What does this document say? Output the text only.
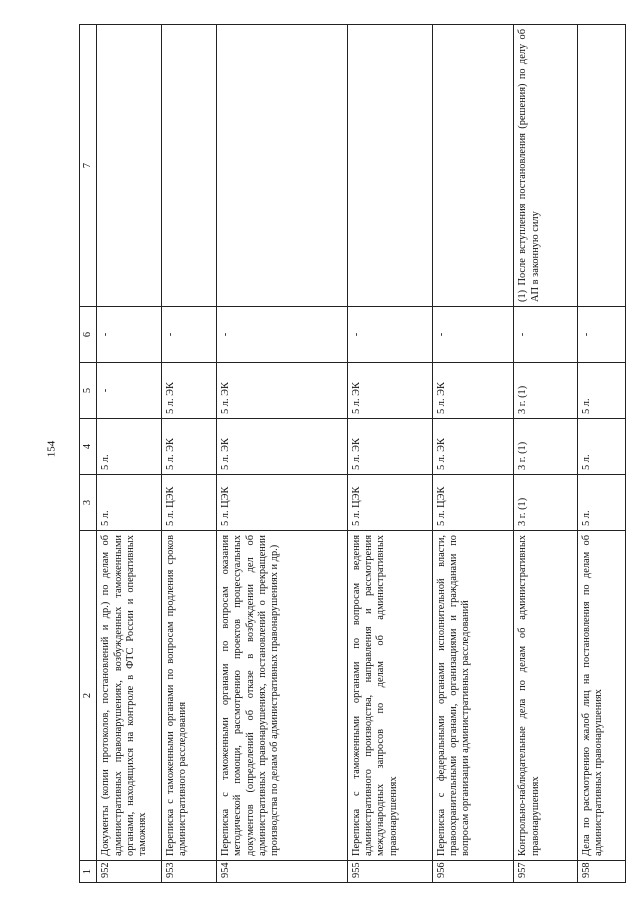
154
1	2	3	4	5	6	7
952	Документы (копии протоколов, постановлений и др.) по делам об административных правонарушениях, возбужденных таможенными органами, находящихся на контроле в ФТС России и оперативных таможнях	5 л.	5 л.	-	-	
953	Переписка с таможенными органами по вопросам продления сроков административного расследования	5 л. ЦЭК	5 л. ЭК	5 л. ЭК	-	
954	Переписка с таможенными органами по вопросам оказания методической помощи, рассмотрению проектов процессуальных документов (определений об отказе в возбуждении дел об административных правонарушениях, постановлений о прекращении производства по делам об административных правонарушениях и др.)	5 л. ЦЭК	5 л. ЭК	5 л. ЭК	-	
955	Переписка с таможенными органами по вопросам ведения административного производства, направления и рассмотрения международных запросов по делам об административных правонарушениях	5 л. ЦЭК	5 л. ЭК	5 л. ЭК	-	
956	Переписка с федеральными органами исполнительной власти, правоохранительными органами, организациями и гражданами по вопросам организации административных расследований	5 л. ЦЭК	5 л. ЭК	5 л. ЭК	-	
957	Контрольно-наблюдательные дела по делам об административных правонарушениях	3 г. (1)	3 г. (1)	3 г. (1)	-	(1) После вступления постановления (решения) по делу об АП в законную силу
958	Дела по рассмотрению жалоб лиц на постановления по делам об административных правонарушениях	5 л.	5 л.	5 л.	-	
